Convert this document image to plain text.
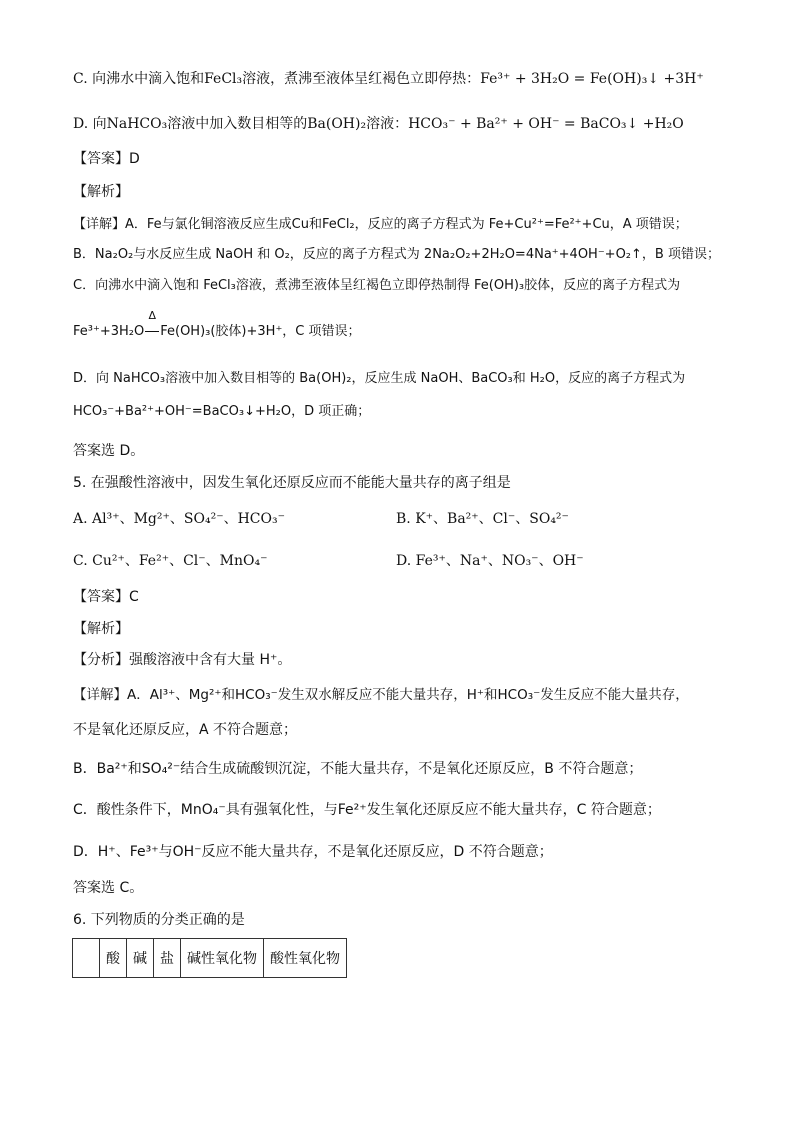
C. 向沸水中滴入饱和FeCl₃溶液，煮沸至液体呈红褐色立即停热：Fe³⁺ + 3H₂O = Fe(OH)₃↓ +3H⁺
D. 向NaHCO₃溶液中加入数目相等的Ba(OH)₂溶液：HCO₃⁻ + Ba²⁺ + OH⁻ = BaCO₃↓ +H₂O
【答案】D
【解析】
【详解】A．Fe与氯化铜溶液反应生成Cu和FeCl₂，反应的离子方程式为 Fe+Cu²⁺=Fe²⁺+Cu，A 项错误；
B．Na₂O₂与水反应生成 NaOH 和 O₂，反应的离子方程式为 2Na₂O₂+2H₂O=4Na⁺+4OH⁻+O₂↑，B 项错误；
C．向沸水中滴入饱和 FeCl₃溶液，煮沸至液体呈红褐色立即停热制得 Fe(OH)₃胶体，反应的离子方程式为
Fe³⁺+3H₂O
Δ
Fe(OH)₃(胶体)+3H⁺，C 项错误；
D．向 NaHCO₃溶液中加入数目相等的 Ba(OH)₂，反应生成 NaOH、BaCO₃和 H₂O，反应的离子方程式为
HCO₃⁻+Ba²⁺+OH⁻=BaCO₃↓+H₂O，D 项正确；
答案选 D。
5. 在强酸性溶液中，因发生氧化还原反应而不能能大量共存的离子组是
A. Al³⁺、Mg²⁺、SO₄²⁻、HCO₃⁻	B. K⁺、Ba²⁺、Cl⁻、SO₄²⁻
C. Cu²⁺、Fe²⁺、Cl⁻、MnO₄⁻	D. Fe³⁺、Na⁺、NO₃⁻、OH⁻
【答案】C
【解析】
【分析】强酸溶液中含有大量 H⁺。
【详解】A．Al³⁺、Mg²⁺和HCO₃⁻发生双水解反应不能大量共存，H⁺和HCO₃⁻发生反应不能大量共存，
不是氧化还原反应，A 不符合题意；
B．Ba²⁺和SO₄²⁻结合生成硫酸钡沉淀，不能大量共存，不是氧化还原反应，B 不符合题意；
C．酸性条件下，MnO₄⁻具有强氧化性，与Fe²⁺发生氧化还原反应不能大量共存，C 符合题意；
D．H⁺、Fe³⁺与OH⁻反应不能大量共存，不是氧化还原反应，D 不符合题意；
答案选 C。
6. 下列物质的分类正确的是
	酸	碱	盐	碱性氧化物	酸性氧化物
